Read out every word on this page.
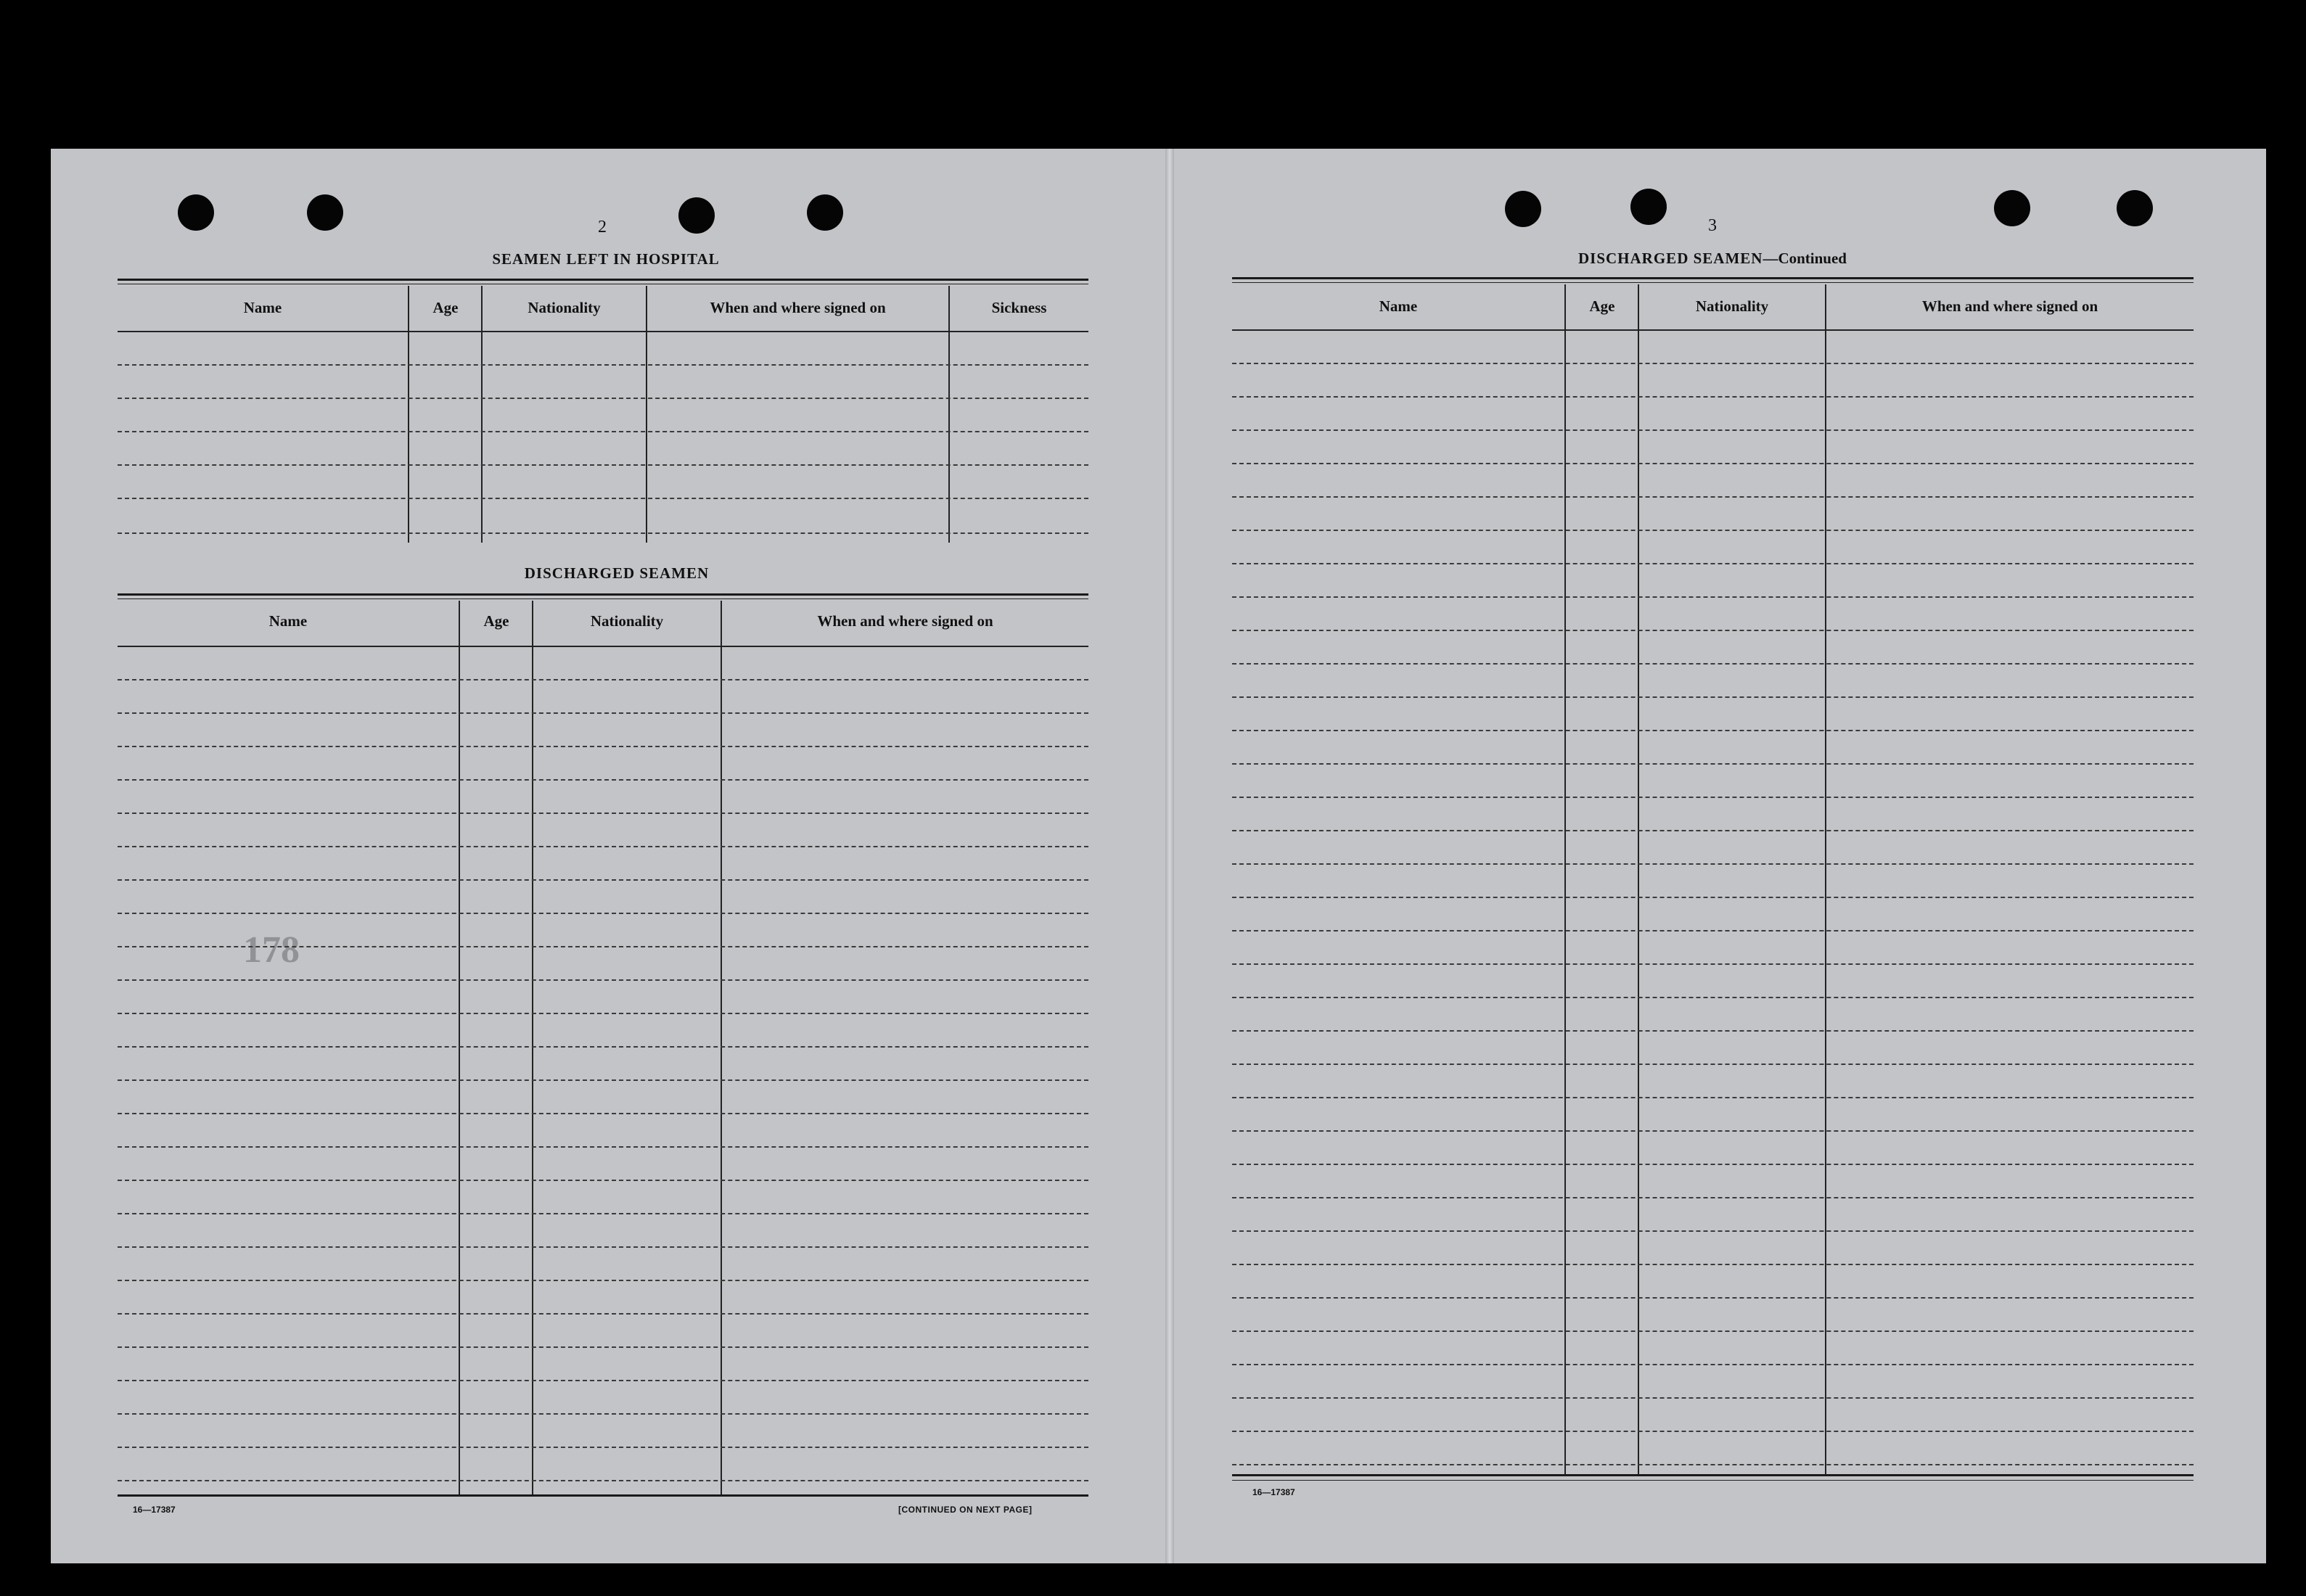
178
2
SEAMEN LEFT IN HOSPITAL
Name	Age	Nationality	When and where signed on	Sickness
DISCHARGED SEAMEN
Name	Age	Nationality	When and where signed on
16—17387	[CONTINUED ON NEXT PAGE]
3
DISCHARGED SEAMEN—Continued
Name	Age	Nationality	When and where signed on
16—17387
